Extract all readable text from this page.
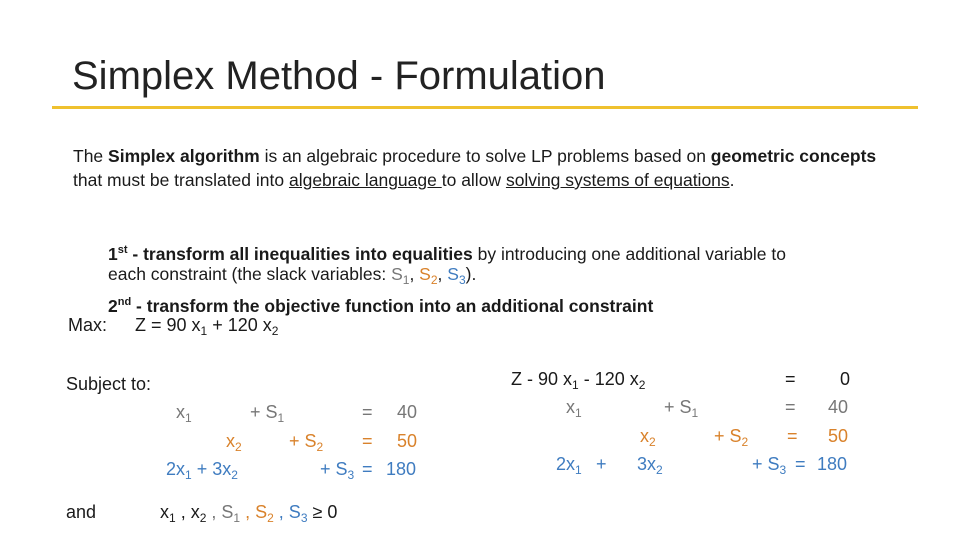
Simplex Method - Formulation
The Simplex algorithm is an algebraic procedure to solve LP problems based on geometric concepts that must be translated into algebraic language to allow solving systems of equations.
1st - transform all inequalities into equalities by introducing one additional variable to
each constraint (the slack variables: $S_1$, $S_2$, $S_3$).
2nd - transform the objective function into an additional constraint
Max: Z = 90 $x_1 + 120$ $x_2$
Subject to:
$x_1$	+ $S_1$	= 40
$x_2$	+ $S_2 = 50$
$2x_1 + 3x_2$	+ $S_3 = 180$
and	$x_1$ , $x_2$ , $S_1$ , $S_2$ , $S_3 \ge 0$
Z - 90 $x_1 - 120$ $x_2$	= 0
$x_1$	+ $S_1$	= 40
$x_2$	+ $S_2 = 50$
$2x_1 + 3x_2$	+ $S_3 = 180$
